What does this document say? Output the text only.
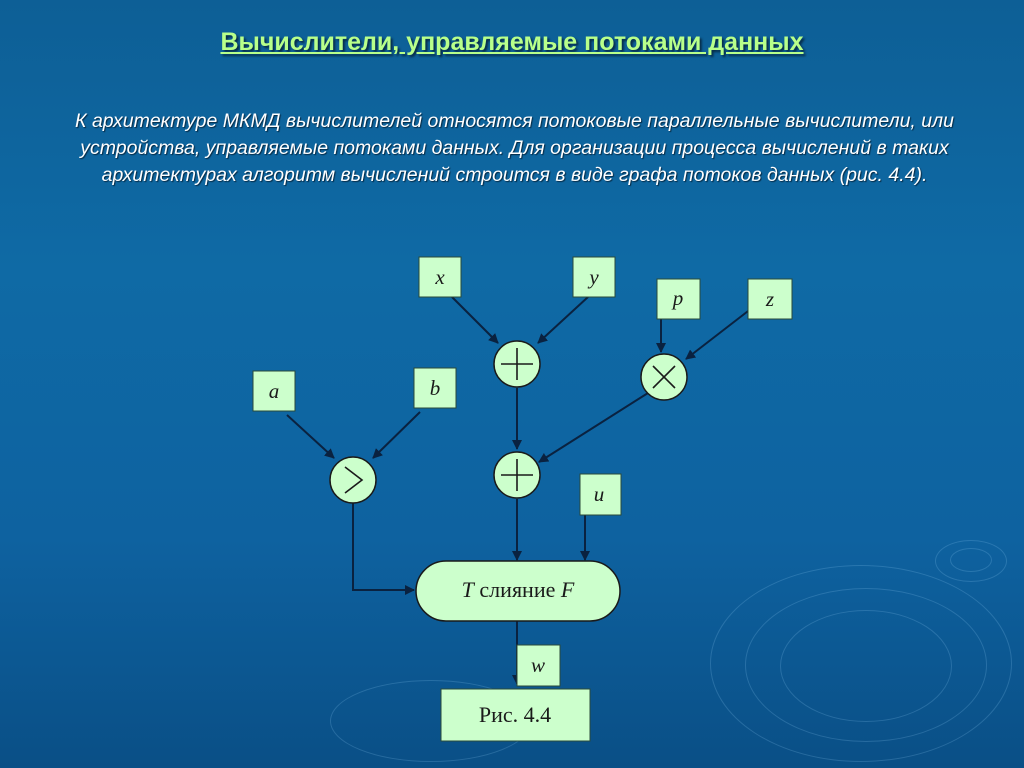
Вычислители, управляемые потоками данных
К архитектуре МКМД вычислителей относятся потоковые параллельные вычислители, или устройства, управляемые потоками данных. Для организации процесса вычислений в таких архитектурах алгоритм вычислений строится в виде графа потоков данных (рис. 4.4).
x	y
p	z
a	b
u
w
T слияние F
Рис. 4.4
